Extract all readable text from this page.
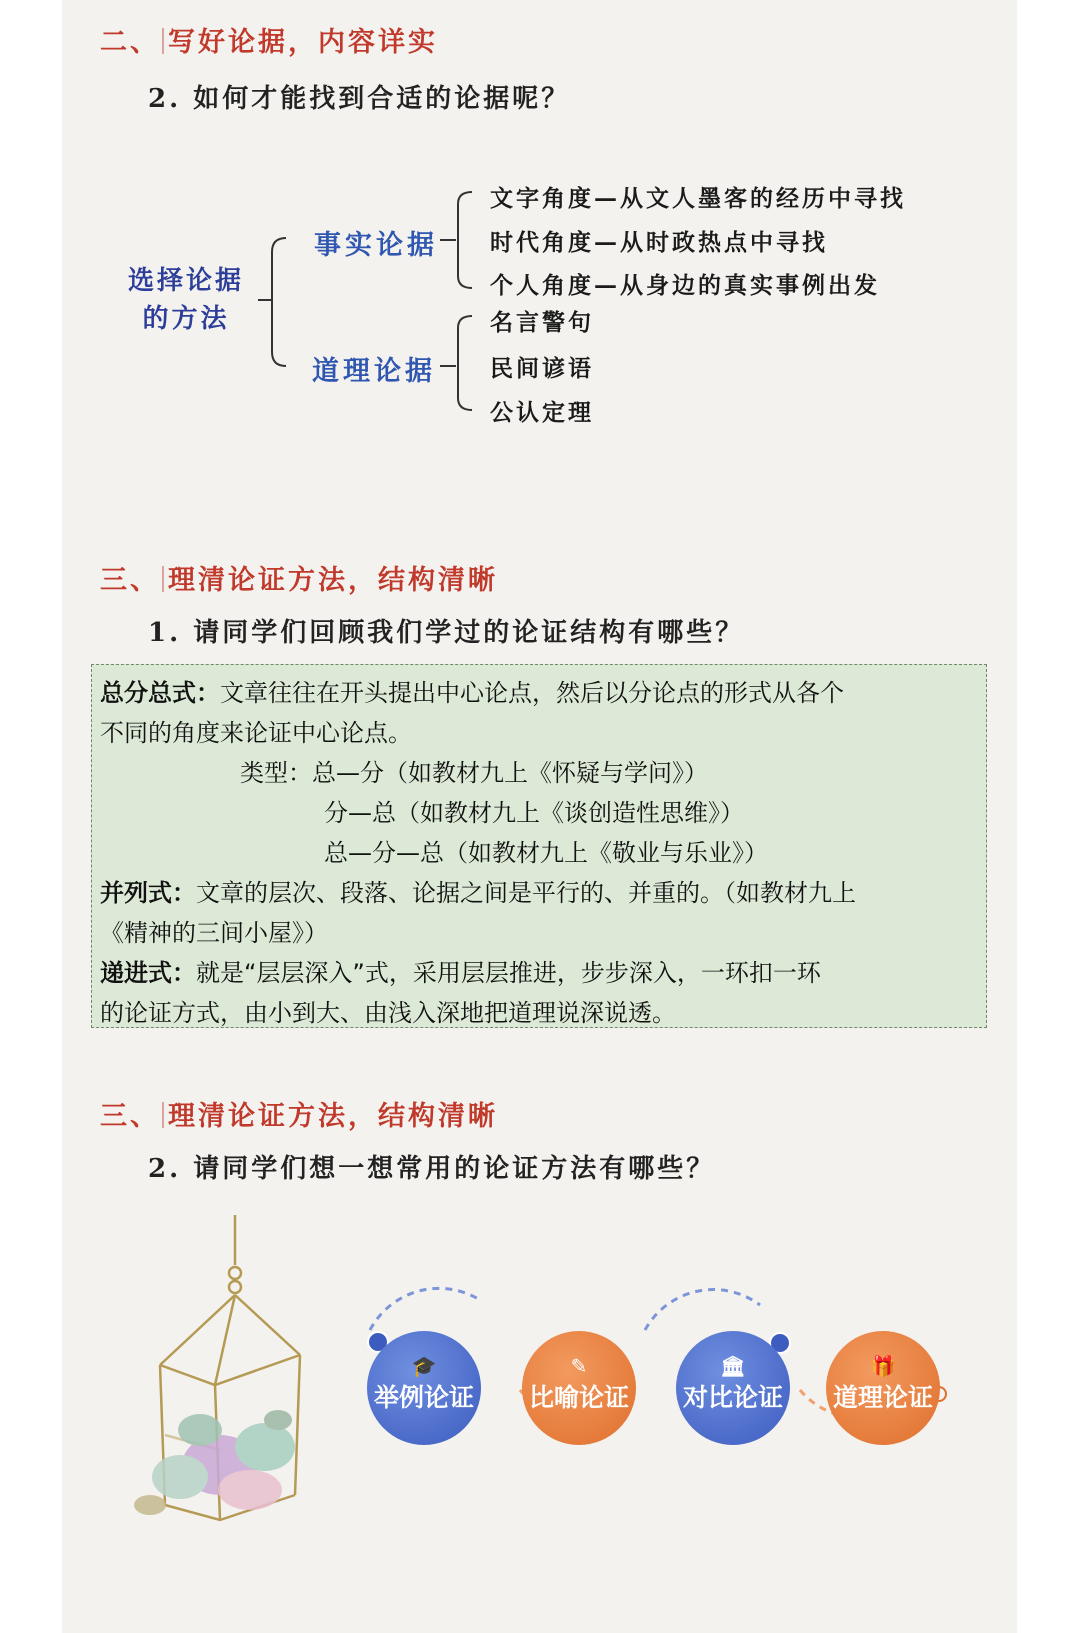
二、 写好论据，内容详实
2. 如何才能找到合适的论据呢？
选择论据
的方法
事实论据
道理论据
文字角度—从文人墨客的经历中寻找
时代角度—从时政热点中寻找
个人角度—从身边的真实事例出发
名言警句
民间谚语
公认定理
三、 理清论证方法，结构清晰
1. 请同学们回顾我们学过的论证结构有哪些？

总分总式：文章往往在开头提出中心论点，然后以分论点的形式从各个

不同的角度来论证中心论点。

类型：总—分（如教材九上《怀疑与学问》）

分—总（如教材九上《谈创造性思维》）

总—分—总（如教材九上《敬业与乐业》）

并列式：文章的层次、段落、论据之间是平行的、并重的。（如教材九上

《精神的三间小屋》）

递进式：就是“层层深入”式，采用层层推进，步步深入，一环扣一环

的论证方式，由小到大、由浅入深地把道理说深说透。

三、 理清论证方法，结构清晰
2. 请同学们想一想常用的论证方法有哪些？
🎓
举例论证
✎
比喻论证
🏛
对比论证
🎁
道理论证
